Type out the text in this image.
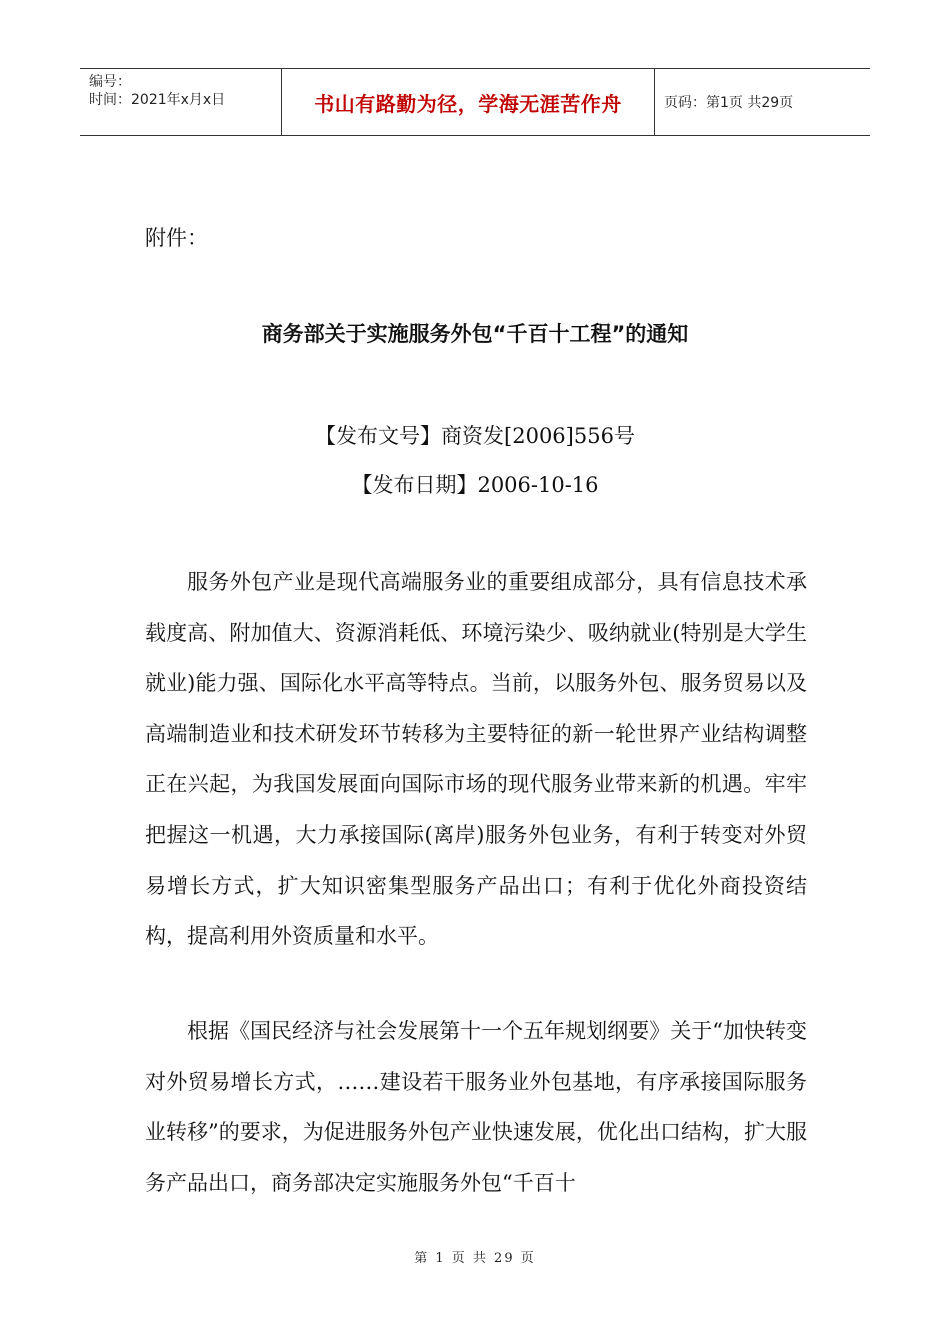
编号：
时间：2021年x月x日	书山有路勤为径，学海无涯苦作舟	页码：第1页 共29页
附件：
商务部关于实施服务外包“千百十工程”的通知
【发布文号】商资发[2006]556号
【发布日期】2006-10-16
服务外包产业是现代高端服务业的重要组成部分，具有信息技术承载度高、附加值大、资源消耗低、环境污染少、吸纳就业(特别是大学生就业)能力强、国际化水平高等特点。当前，以服务外包、服务贸易以及高端制造业和技术研发环节转移为主要特征的新一轮世界产业结构调整正在兴起，为我国发展面向国际市场的现代服务业带来新的机遇。牢牢把握这一机遇，大力承接国际(离岸)服务外包业务，有利于转变对外贸易增长方式，扩大知识密集型服务产品出口；有利于优化外商投资结构，提高利用外资质量和水平。
根据《国民经济与社会发展第十一个五年规划纲要》关于“加快转变对外贸易增长方式，……建设若干服务业外包基地，有序承接国际服务业转移”的要求，为促进服务外包产业快速发展，优化出口结构，扩大服务产品出口，商务部决定实施服务外包“千百十
第 1 页 共 29 页
